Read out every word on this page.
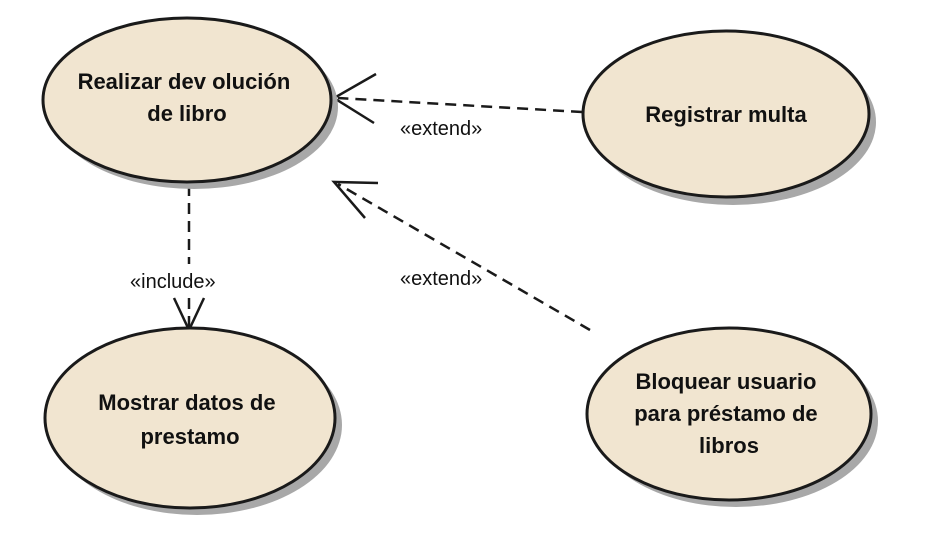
«extend»
«extend»
«include»
Realizar dev olución de libro	Registrar multa
Mostrar datos de prestamo
Bloquear usuario para préstamo de libros
